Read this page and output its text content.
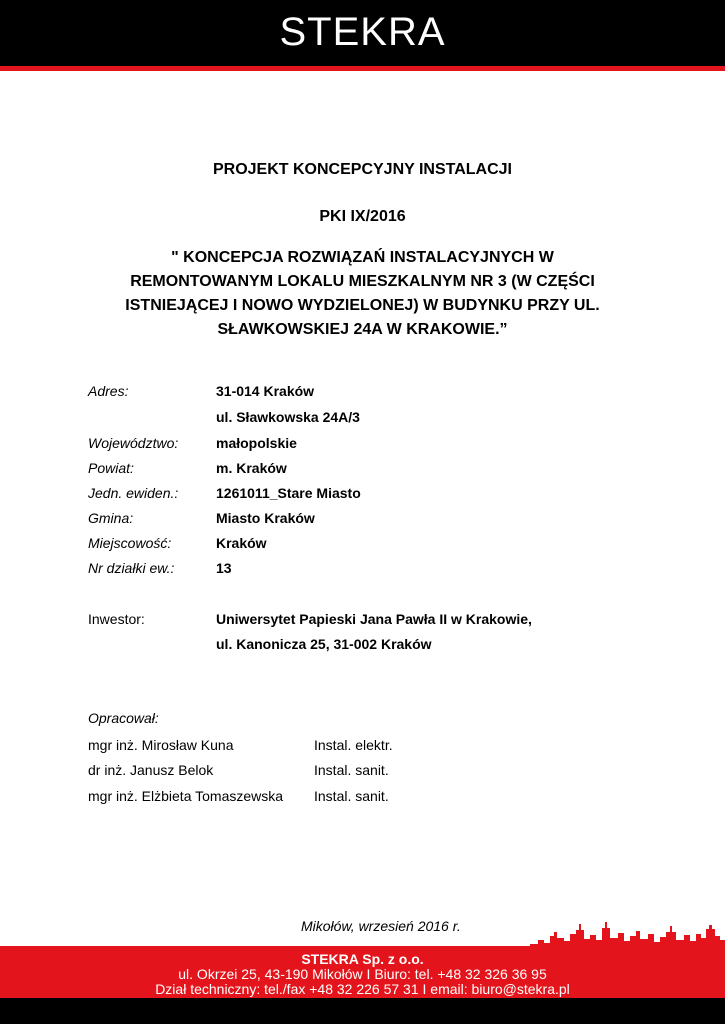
STEKRA
PROJEKT KONCEPCYJNY INSTALACJI
PKI IX/2016
" KONCEPCJA ROZWIĄZAŃ INSTALACYJNYCH W
REMONTOWANYM LOKALU MIESZKALNYM NR 3 (W CZĘŚCI
ISTNIEJĄCEJ I NOWO WYDZIELONEJ) W BUDYNKU PRZY UL.
SŁAWKOWSKIEJ 24A W KRAKOWIE.”
Adres:	31-014 Kraków
ul. Sławkowska 24A/3
Województwo:	małopolskie
Powiat:	m. Kraków
Jedn. ewiden.:	1261011_Stare Miasto
Gmina:	Miasto Kraków
Miejscowość:	Kraków
Nr działki ew.:	13
Inwestor:	Uniwersytet Papieski Jana Pawła II w Krakowie,
ul. Kanonicza 25, 31-002 Kraków
Opracował:
mgr inż. Mirosław Kuna	Instal. elektr.
dr inż. Janusz Belok	Instal. sanit.
mgr inż. Elżbieta Tomaszewska Instal. sanit.
Mikołów, wrzesień 2016 r.
STEKRA Sp. z o.o.
ul. Okrzei 25, 43-190 Mikołów I Biuro: tel. +48 32 326 36 95
Dział techniczny: tel./fax +48 32 226 57 31 I email: biuro@stekra.pl
